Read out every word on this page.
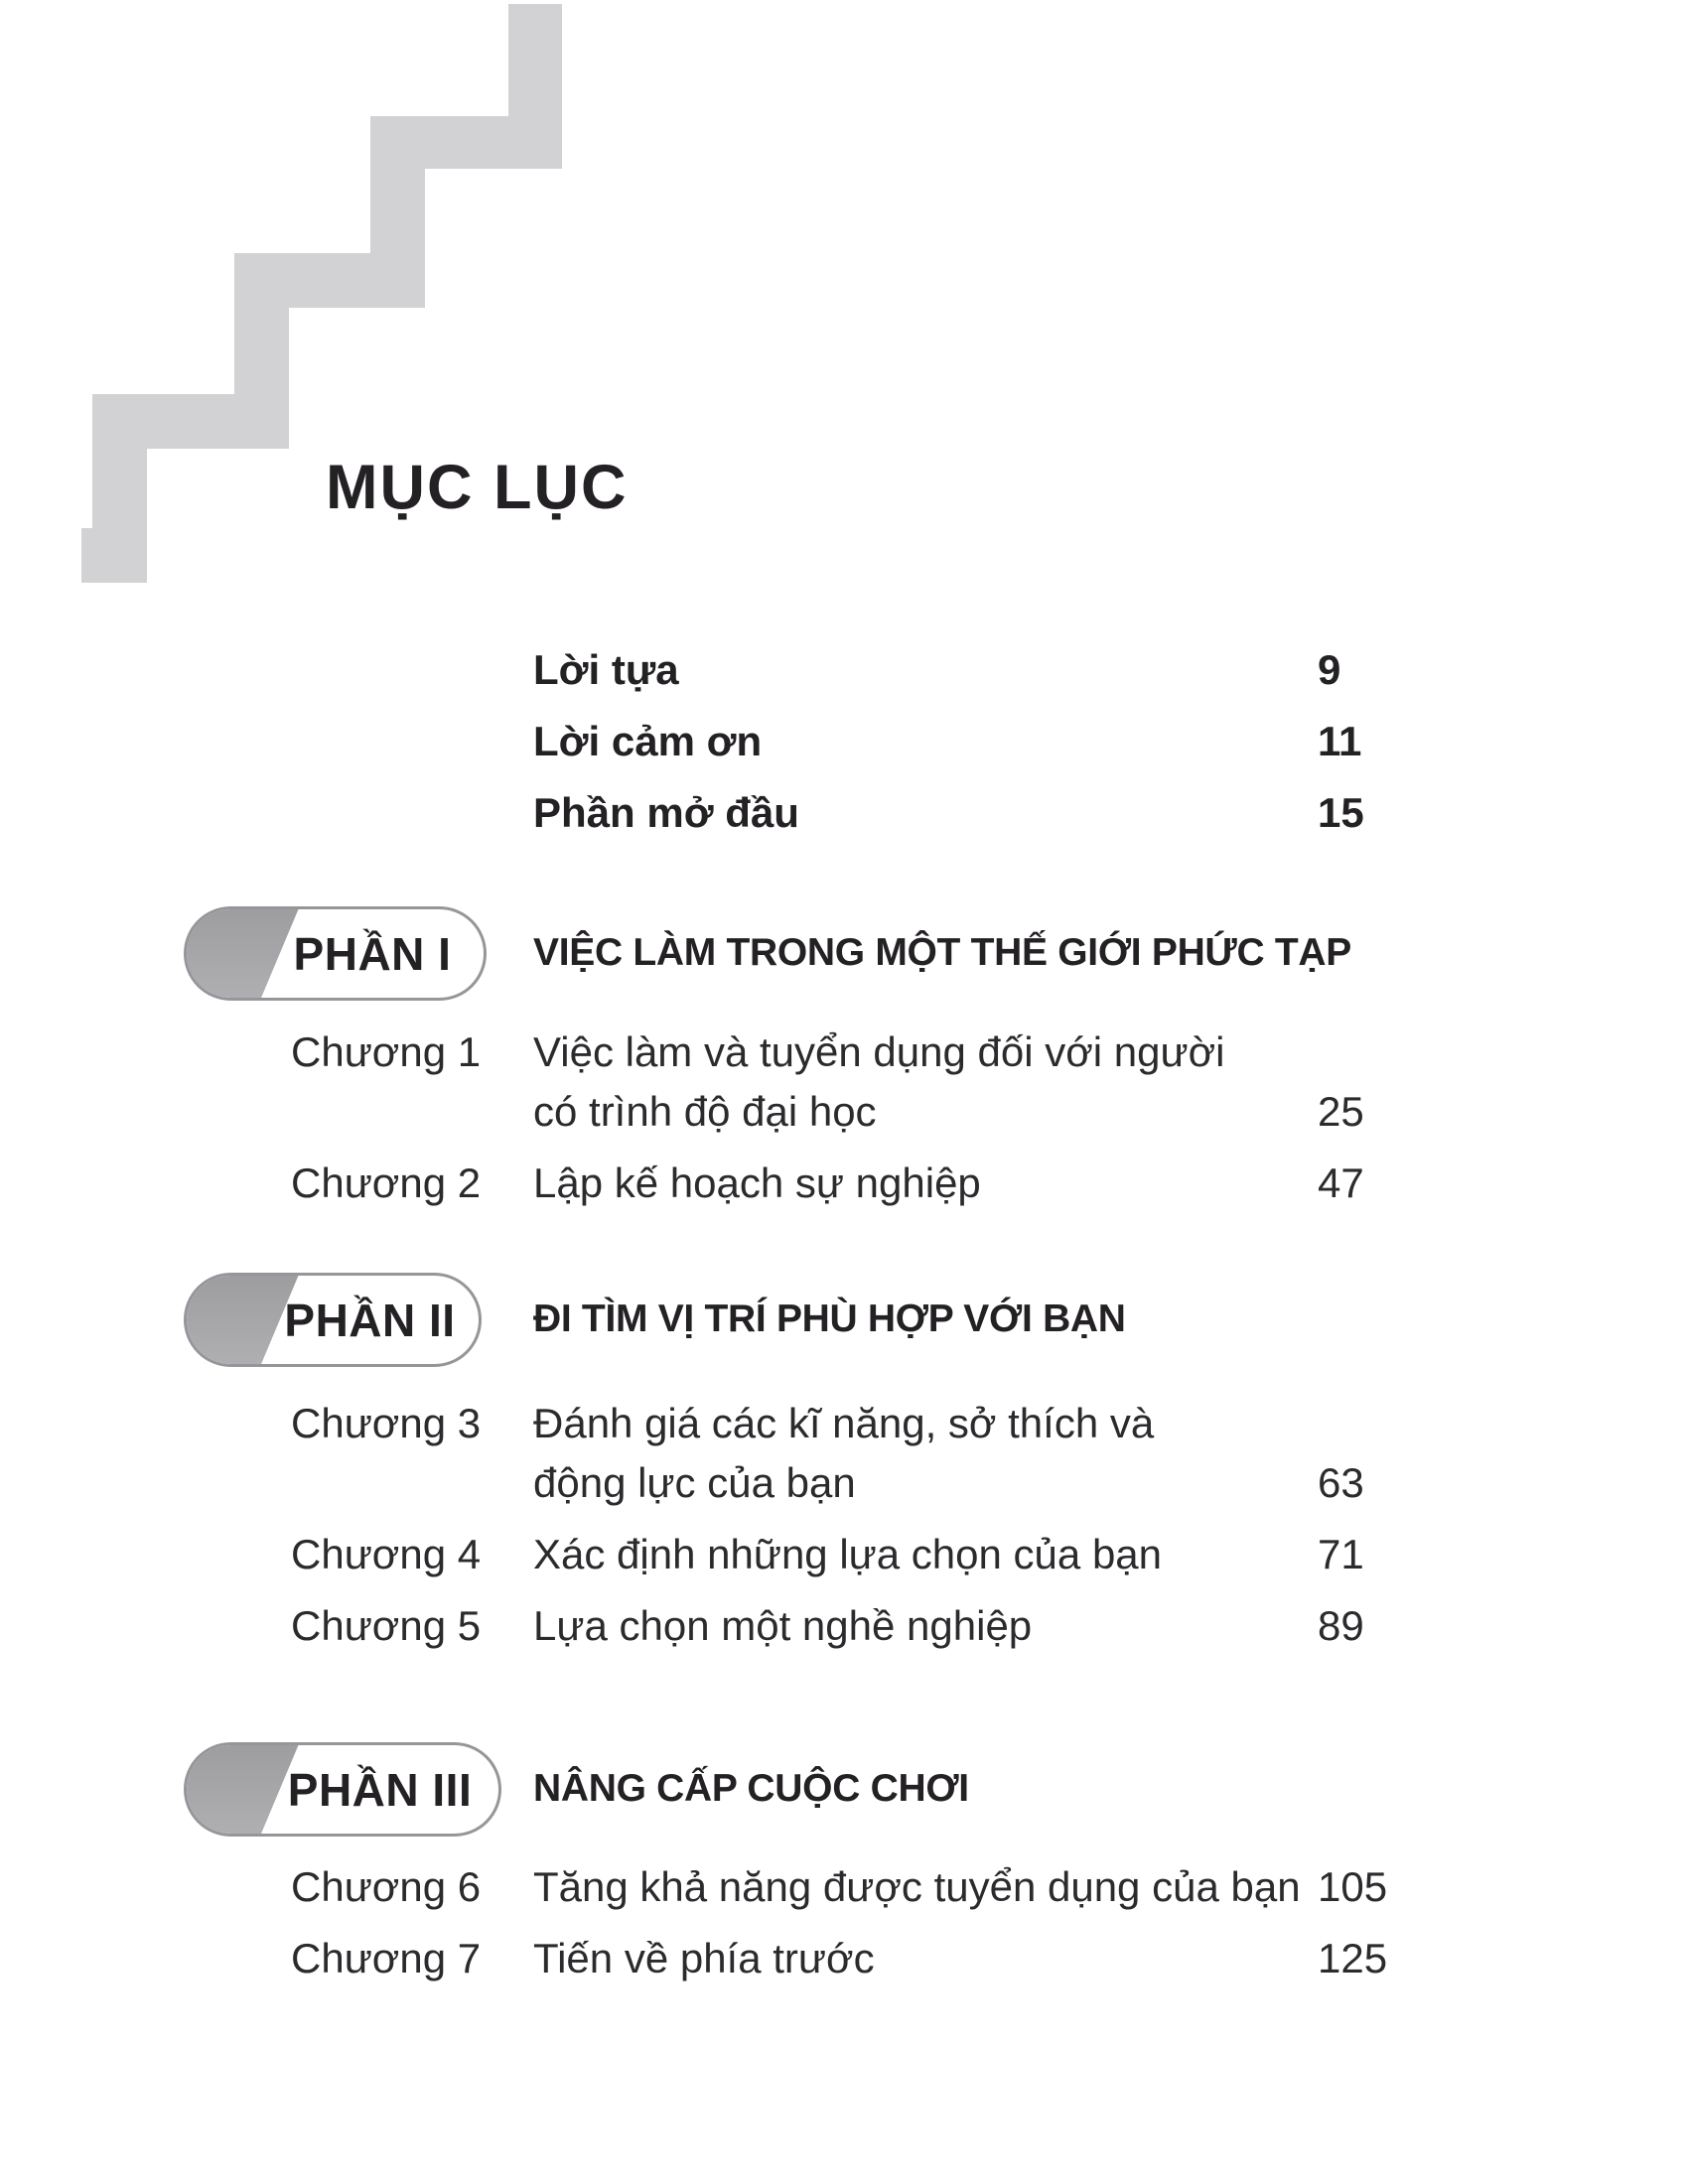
MỤC LỤC
Lời tựa	9
Lời cảm ơn	11
Phần mở đầu	15
PHẦN I	VIỆC LÀM TRONG MỘT THẾ GIỚI PHỨC TẠP
Chương 1 Việc làm và tuyển dụng đối với người
có trình độ đại học	25
Chương 2 Lập kế hoạch sự nghiệp	47
PHẦN II	ĐI TÌM VỊ TRÍ PHÙ HỢP VỚI BẠN
Chương 3 Đánh giá các kĩ năng, sở thích và
động lực của bạn	63
Chương 4 Xác định những lựa chọn của bạn	71
Chương 5 Lựa chọn một nghề nghiệp	89
PHẦN III	NÂNG CẤP CUỘC CHƠI
Chương 6 Tăng khả năng được tuyển dụng của bạn 105
Chương 7 Tiến về phía trước	125
